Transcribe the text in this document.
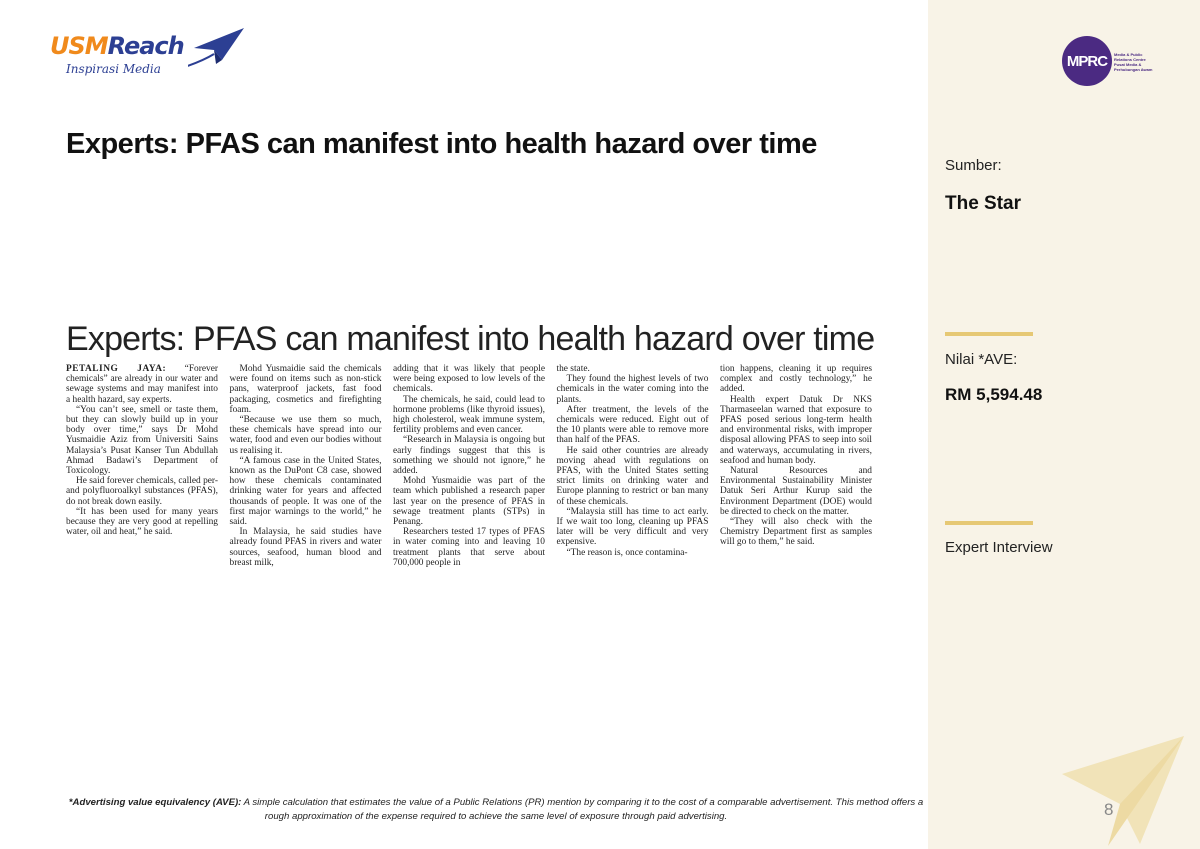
USMReach
Inspirasi Media
Experts: PFAS can manifest into health hazard over time
Experts: PFAS can manifest into health hazard over time

PETALING JAYA: “Forever chemicals” are already in our water and sewage systems and may manifest into a health hazard, say experts.

“You can’t see, smell or taste them, but they can slowly build up in your body over time,” says Dr Mohd Yusmaidie Aziz from Universiti Sains Malaysia’s Pusat Kanser Tun Abdullah Ahmad Badawi’s Department of Toxicology.

He said forever chemicals, called per- and polyfluoroalkyl substances (PFAS), do not break down easily.

“It has been used for many years because they are very good at repelling water, oil and heat,” he said.

Mohd Yusmaidie said the chemicals were found on items such as non-stick pans, waterproof jackets, fast food packaging, cosmetics and firefighting foam.

“Because we use them so much, these chemicals have spread into our water, food and even our bodies without us realising it.

“A famous case in the United States, known as the DuPont C8 case, showed how these chemicals contaminated drinking water for years and affected thousands of people. It was one of the first major warnings to the world,” he said.

In Malaysia, he said studies have already found PFAS in rivers and water sources, seafood, human blood and breast milk,

adding that it was likely that people were being exposed to low levels of the chemicals.

The chemicals, he said, could lead to hormone problems (like thyroid issues), high cholesterol, weak immune system, fertility problems and even cancer.

“Research in Malaysia is ongoing but early findings suggest that this is something we should not ignore,” he added.

Mohd Yusmaidie was part of the team which published a research paper last year on the presence of PFAS in sewage treatment plants (STPs) in Penang.

Researchers tested 17 types of PFAS in water coming into and leaving 10 treatment plants that serve about 700,000 people in

the state.

They found the highest levels of two chemicals in the water coming into the plants.

After treatment, the levels of the chemicals were reduced. Eight out of the 10 plants were able to remove more than half of the PFAS.

He said other countries are already moving ahead with regulations on PFAS, with the United States setting strict limits on drinking water and Europe planning to restrict or ban many of these chemicals.

“Malaysia still has time to act early. If we wait too long, cleaning up PFAS later will be very difficult and very expensive.

“The reason is, once contamina-

tion happens, cleaning it up requires complex and costly technology,” he added.

Health expert Datuk Dr NKS Tharmaseelan warned that exposure to PFAS posed serious long-term health and environmental risks, with improper disposal allowing PFAS to seep into soil and waterways, accumulating in rivers, seafood and human body.

Natural Resources and Environmental Sustainability Minister Datuk Seri Arthur Kurup said the Environment Department (DOE) would be directed to check on the matter.

“They will also check with the Chemistry Department first as samples will go to them,” he said.

*Advertising value equivalency (AVE): A simple calculation that estimates the value of a Public Relations (PR) mention by comparing it to the cost of a comparable advertisement. This method offers a rough approximation of the expense required to achieve the same level of exposure through paid advertising.
MPRC	Media & Public Relations Centre Pusat Media & Perhubungan Awam
Sumber:
The Star
Nilai *AVE:
RM 5,594.48
Expert Interview
8
